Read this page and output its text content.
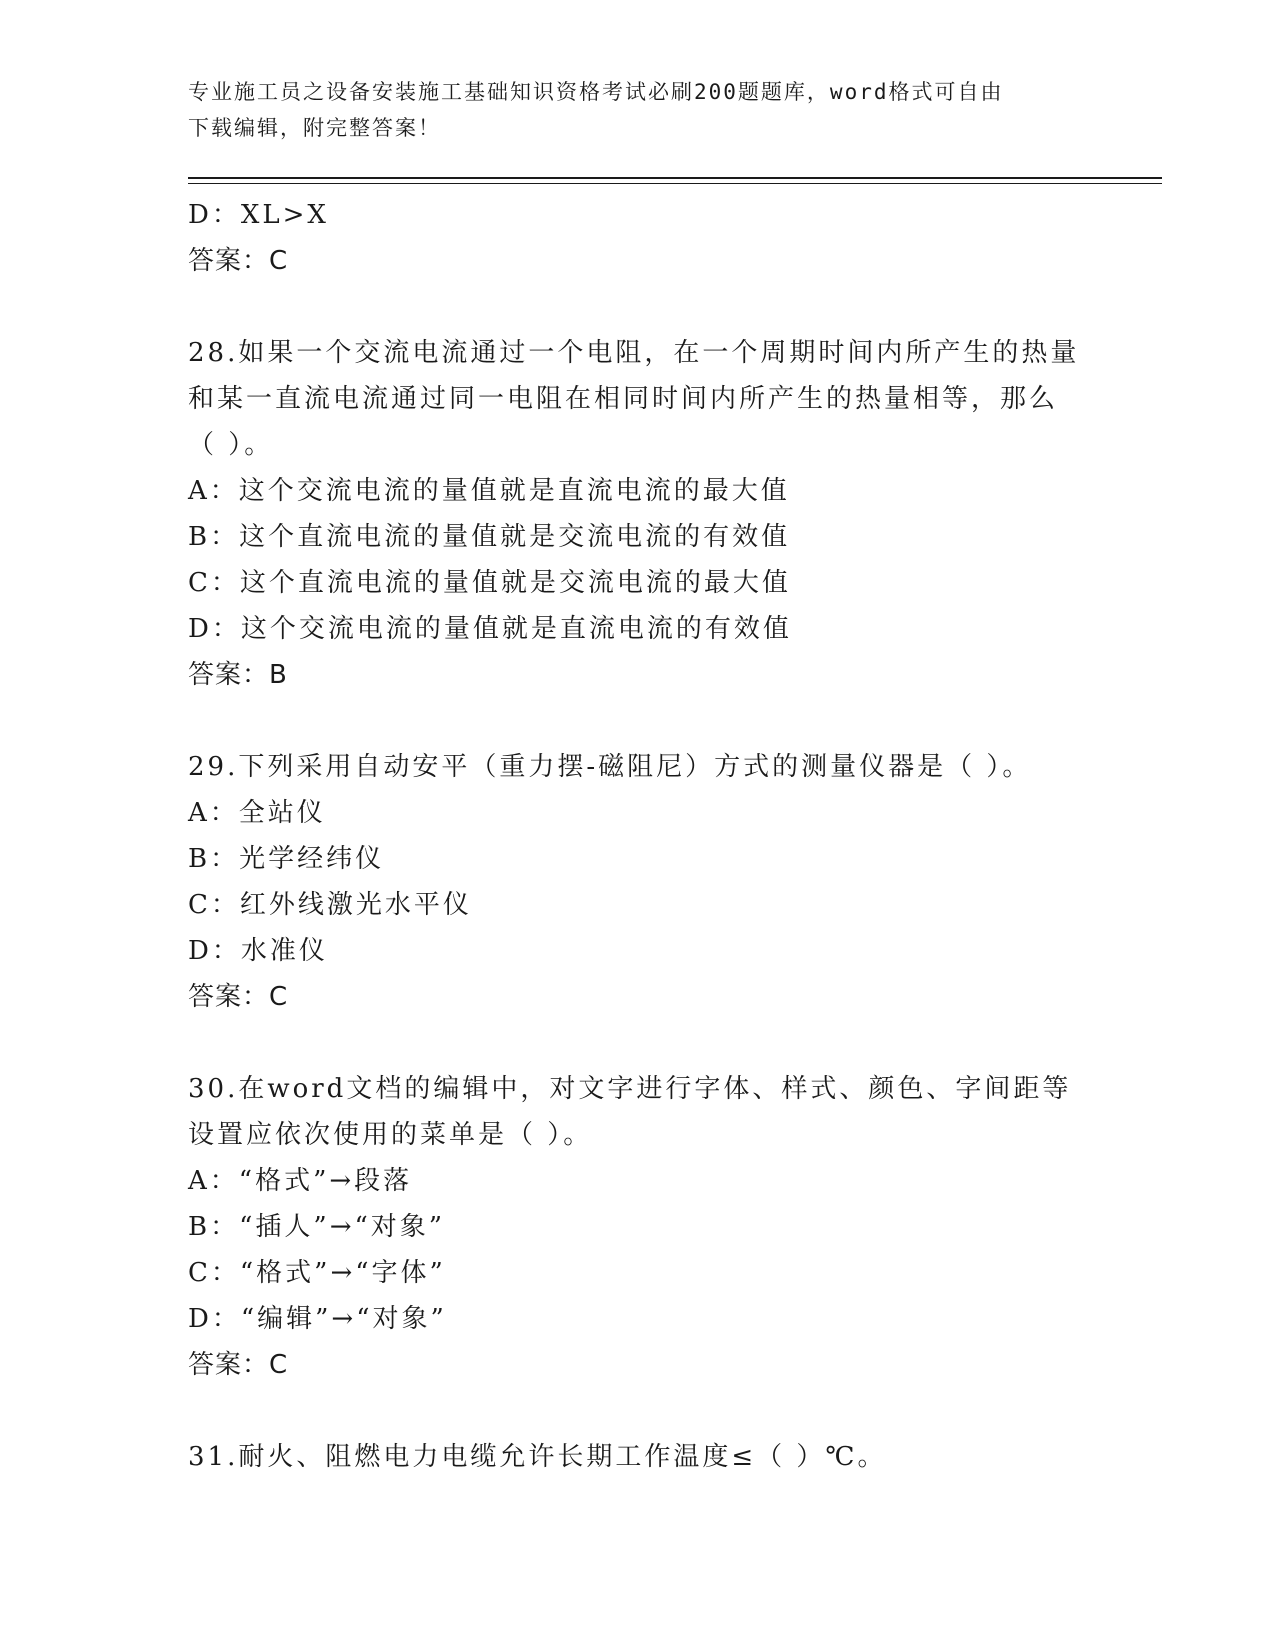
专业施工员之设备安装施工基础知识资格考试必刷200题题库，word格式可自由
下载编辑，附完整答案！
D：XL>X
答案：C
28.如果一个交流电流通过一个电阻，在一个周期时间内所产生的热量
和某一直流电流通过同一电阻在相同时间内所产生的热量相等，那么
（ ）。
A：这个交流电流的量值就是直流电流的最大值
B：这个直流电流的量值就是交流电流的有效值
C：这个直流电流的量值就是交流电流的最大值
D：这个交流电流的量值就是直流电流的有效值
答案：B
29.下列采用自动安平（重力摆-磁阻尼）方式的测量仪器是（ ）。
A：全站仪
B：光学经纬仪
C：红外线激光水平仪
D：水准仪
答案：C
30.在word文档的编辑中，对文字进行字体、样式、颜色、字间距等
设置应依次使用的菜单是（ ）。
A：“格式”→段落
B：“插人”→“对象”
C：“格式”→“字体”
D：“编辑”→“对象”
答案：C
31.耐火、阻燃电力电缆允许长期工作温度≤（ ）℃。
